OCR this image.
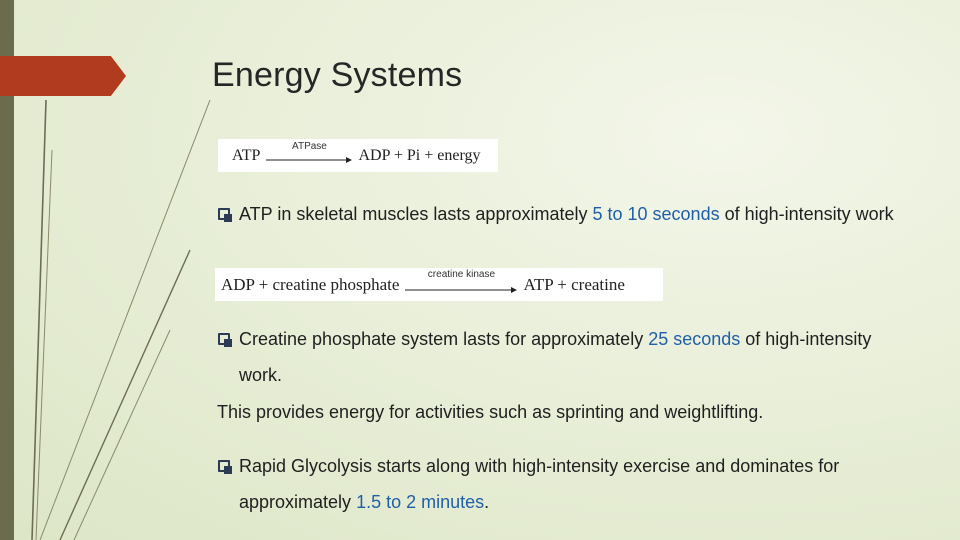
Energy Systems
ATP
ATPase
ADP + Pi + energy
ATP in skeletal muscles lasts approximately 5 to 10 seconds of high-intensity work
ADP + creatine phosphate
creatine kinase
ATP + creatine
Creatine phosphate system lasts for approximately 25 seconds of high-intensity work.
This provides energy for activities such as sprinting and weightlifting.
Rapid Glycolysis starts along with high-intensity exercise and dominates for approximately 1.5 to 2 minutes.
